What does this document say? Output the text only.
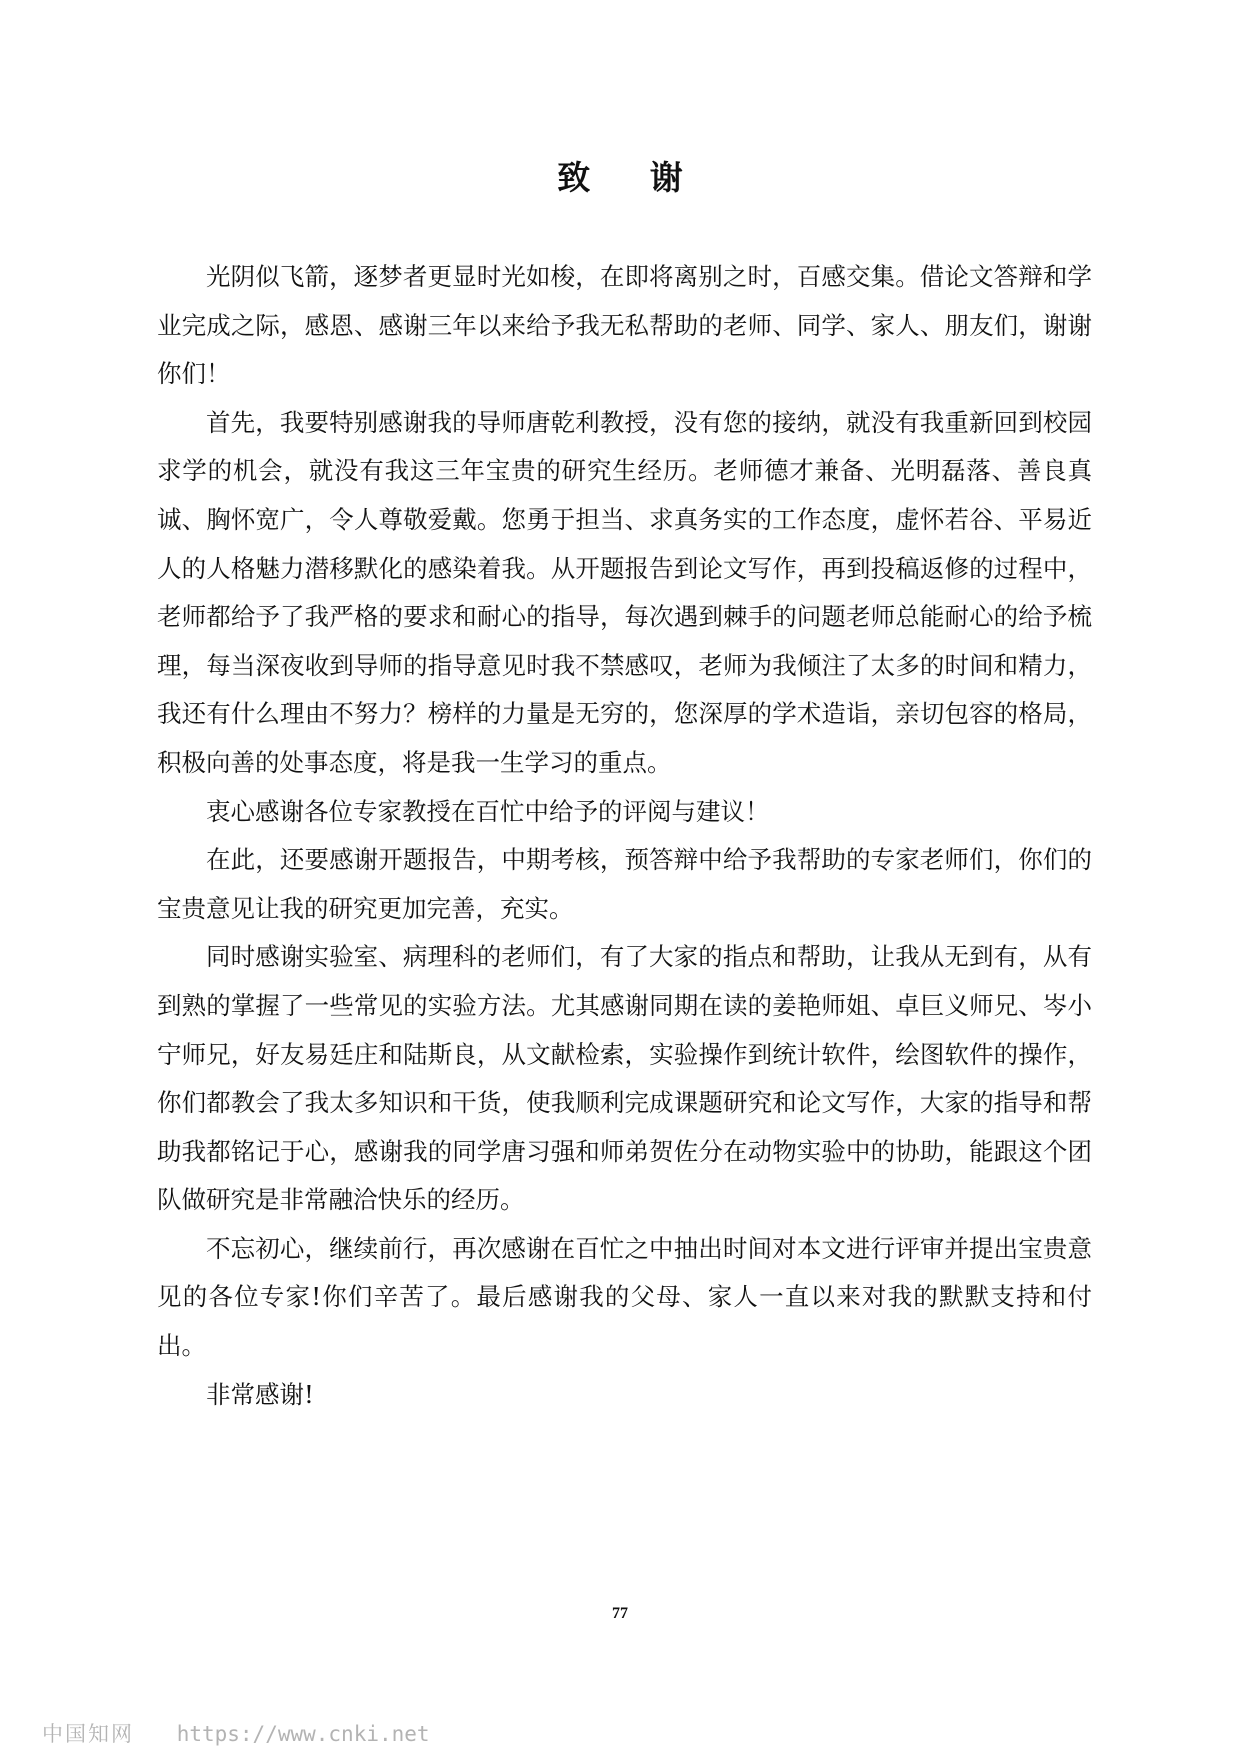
致 谢

光阴似飞箭，逐梦者更显时光如梭，在即将离别之时，百感交集。借论文答辩和学业完成之际，感恩、感谢三年以来给予我无私帮助的老师、同学、家人、朋友们，谢谢你们！

首先，我要特别感谢我的导师唐乾利教授，没有您的接纳，就没有我重新回到校园求学的机会，就没有我这三年宝贵的研究生经历。老师德才兼备、光明磊落、善良真诚、胸怀宽广，令人尊敬爱戴。您勇于担当、求真务实的工作态度，虚怀若谷、平易近人的人格魅力潜移默化的感染着我。从开题报告到论文写作，再到投稿返修的过程中，老师都给予了我严格的要求和耐心的指导，每次遇到棘手的问题老师总能耐心的给予梳理，每当深夜收到导师的指导意见时我不禁感叹，老师为我倾注了太多的时间和精力，我还有什么理由不努力？榜样的力量是无穷的，您深厚的学术造诣，亲切包容的格局，积极向善的处事态度，将是我一生学习的重点。

衷心感谢各位专家教授在百忙中给予的评阅与建议！

在此，还要感谢开题报告，中期考核，预答辩中给予我帮助的专家老师们，你们的宝贵意见让我的研究更加完善，充实。

同时感谢实验室、病理科的老师们，有了大家的指点和帮助，让我从无到有，从有到熟的掌握了一些常见的实验方法。尤其感谢同期在读的姜艳师姐、卓巨义师兄、岑小宁师兄，好友易廷庄和陆斯良，从文献检索，实验操作到统计软件，绘图软件的操作，你们都教会了我太多知识和干货，使我顺利完成课题研究和论文写作，大家的指导和帮助我都铭记于心，感谢我的同学唐习强和师弟贺佐分在动物实验中的协助，能跟这个团队做研究是非常融洽快乐的经历。

不忘初心，继续前行，再次感谢在百忙之中抽出时间对本文进行评审并提出宝贵意见的各位专家!你们辛苦了。最后感谢我的父母、家人一直以来对我的默默支持和付出。

非常感谢!

77
中国知网 https://www.cnki.net
